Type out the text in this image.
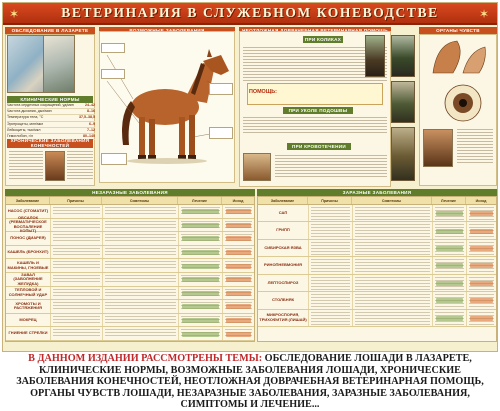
✶	ВЕТЕРИНАРИЯ В СЛУЖЕБНОМ КОНЕВОДСТВЕ	✶
ОБСЛЕДОВАНИЕ В ЛАЗАРЕТЕ
КЛИНИЧЕСКИЕ НОРМЫ
Частота сердечных сокращений, уд/мин	24–42
Частота дыхания, дых/мин	8–16
Температура тела, °С	37,5–38,5
Эритроциты, млн/мкл	6–9
Лейкоциты, тыс/мкл	7–12
Гемоглобин, г/л	80–140
ХРОНИЧЕСКИЕ ЗАБОЛЕВАНИЯ КОНЕЧНОСТЕЙ
ПРИ КОЛИКАХ
ПОМОЩЬ:
ПРИ УКОЛЕ ПОДОШВЫ
ПРИ КРОВОТЕЧЕНИИ
ОРГАНЫ ЧУВСТВ
НЕЗАРАЗНЫЕ ЗАБОЛЕВАНИЯ
Заболевание	Причины	Симптомы	Лечение	Исход
НАСОС (СТОМАТИТ)
ОБСАЛОК (РЕВМАТИЧЕСКОЕ ВОСПАЛЕНИЕ КОПЫТ)
ПОНОС (ДИАРЕЯ)
КАШЕЛЬ (БРОНХИТ)
КАШЕЛЬ И МАКИНЫ, ГНОЕВЫЕ
ЗАВАЛ (ЗАВОЛНЕНИЕ ЖЕЛУДКА)
ТЕПЛОВОЙ И СОЛНЕЧНЫЙ УДАР
ХРОМОТЫ И РАСТЯЖЕНИЯ
МОКРЕЦ
ГНИЕНИЕ СТРЕЛКИ
ЗАРАЗНЫЕ ЗАБОЛЕВАНИЯ
Заболевание	Причины	Симптомы	Лечение	Исход
САП
ГРИПП
СИБИРСКАЯ ЯЗВА
РИНОПНЕВМОНИЯ
ЛЕПТОСПИРОЗ
СТОЛБНЯК
МИКРОСПОРИЯ, ТРИХОФИТИЯ (ЛИШАЙ)
В ДАННОМ ИЗДАНИИ РАССМОТРЕНЫ ТЕМЫ: ОБСЛЕДОВАНИЕ ЛОШАДИ В ЛАЗАРЕТЕ, КЛИНИЧЕСКИЕ НОРМЫ, ВОЗМОЖНЫЕ ЗАБОЛЕВАНИЯ ЛОШАДИ, ХРОНИЧЕСКИЕ ЗАБОЛЕВАНИЯ КОНЕЧНОСТЕЙ, НЕОТЛОЖНАЯ ДОВРАЧЕБНАЯ ВЕТЕРИНАРНАЯ ПОМОЩЬ, ОРГАНЫ ЧУВСТВ ЛОШАДИ, НЕЗАРАЗНЫЕ ЗАБОЛЕВАНИЯ, ЗАРАЗНЫЕ ЗАБОЛЕВАНИЯ, СИМПТОМЫ И ЛЕЧЕНИЕ...
